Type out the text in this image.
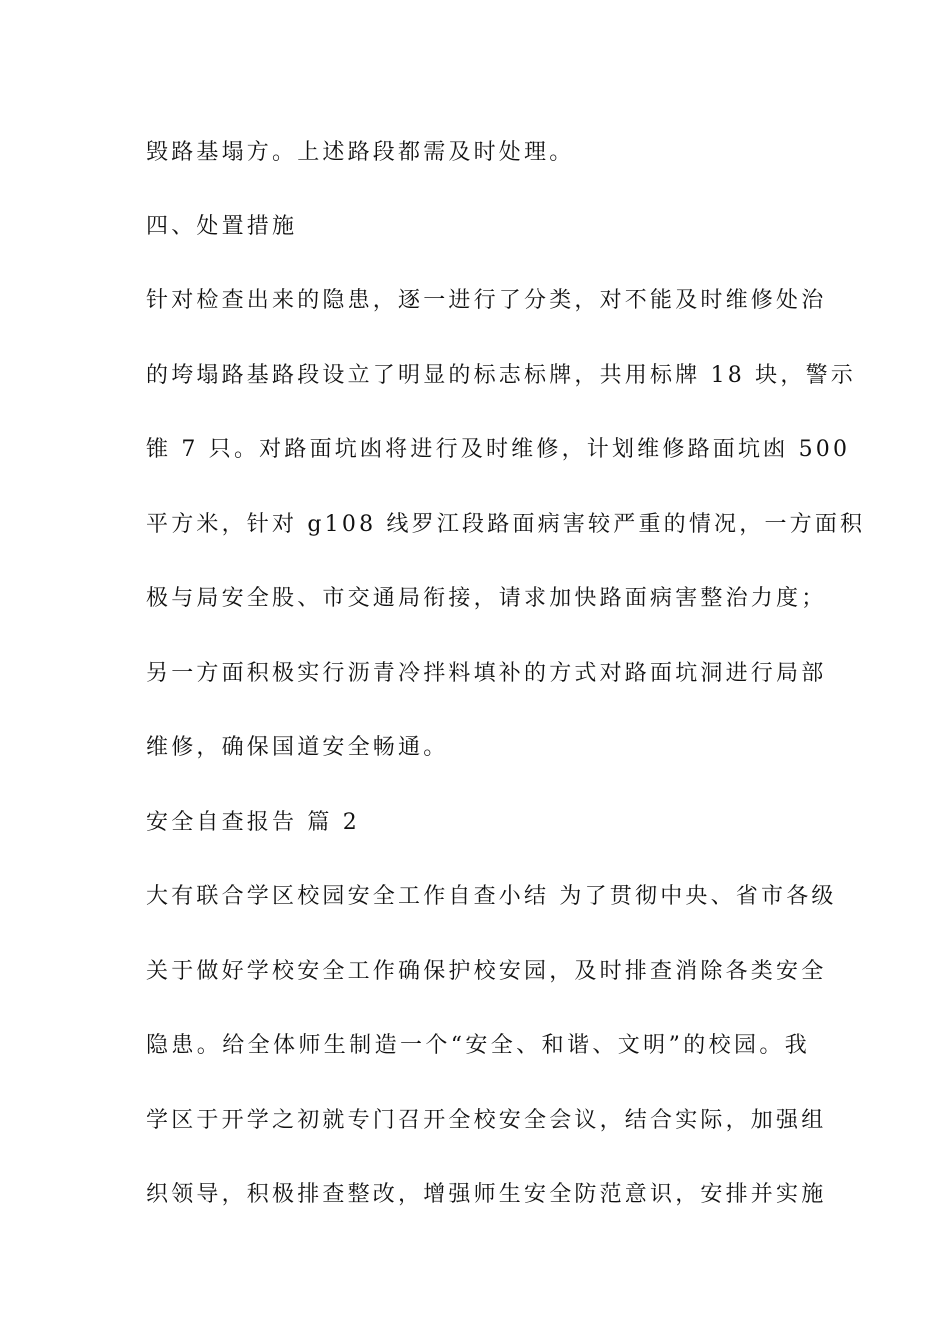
毁路基塌方。上述路段都需及时处理。
四、处置措施
针对检查出来的隐患，逐一进行了分类，对不能及时维修处治
的垮塌路基路段设立了明显的标志标牌，共用标牌 18 块，警示
锥 7 只。对路面坑凼将进行及时维修，计划维修路面坑凼 500
平方米，针对 g108 线罗江段路面病害较严重的情况，一方面积
极与局安全股、市交通局衔接，请求加快路面病害整治力度；
另一方面积极实行沥青冷拌料填补的方式对路面坑洞进行局部
维修，确保国道安全畅通。
安全自查报告 篇 2
大有联合学区校园安全工作自查小结 为了贯彻中央、省市各级
关于做好学校安全工作确保护校安园，及时排查消除各类安全
隐患。给全体师生制造一个“安全、和谐、文明”的校园。我
学区于开学之初就专门召开全校安全会议，结合实际，加强组
织领导，积极排查整改，增强师生安全防范意识，安排并实施
